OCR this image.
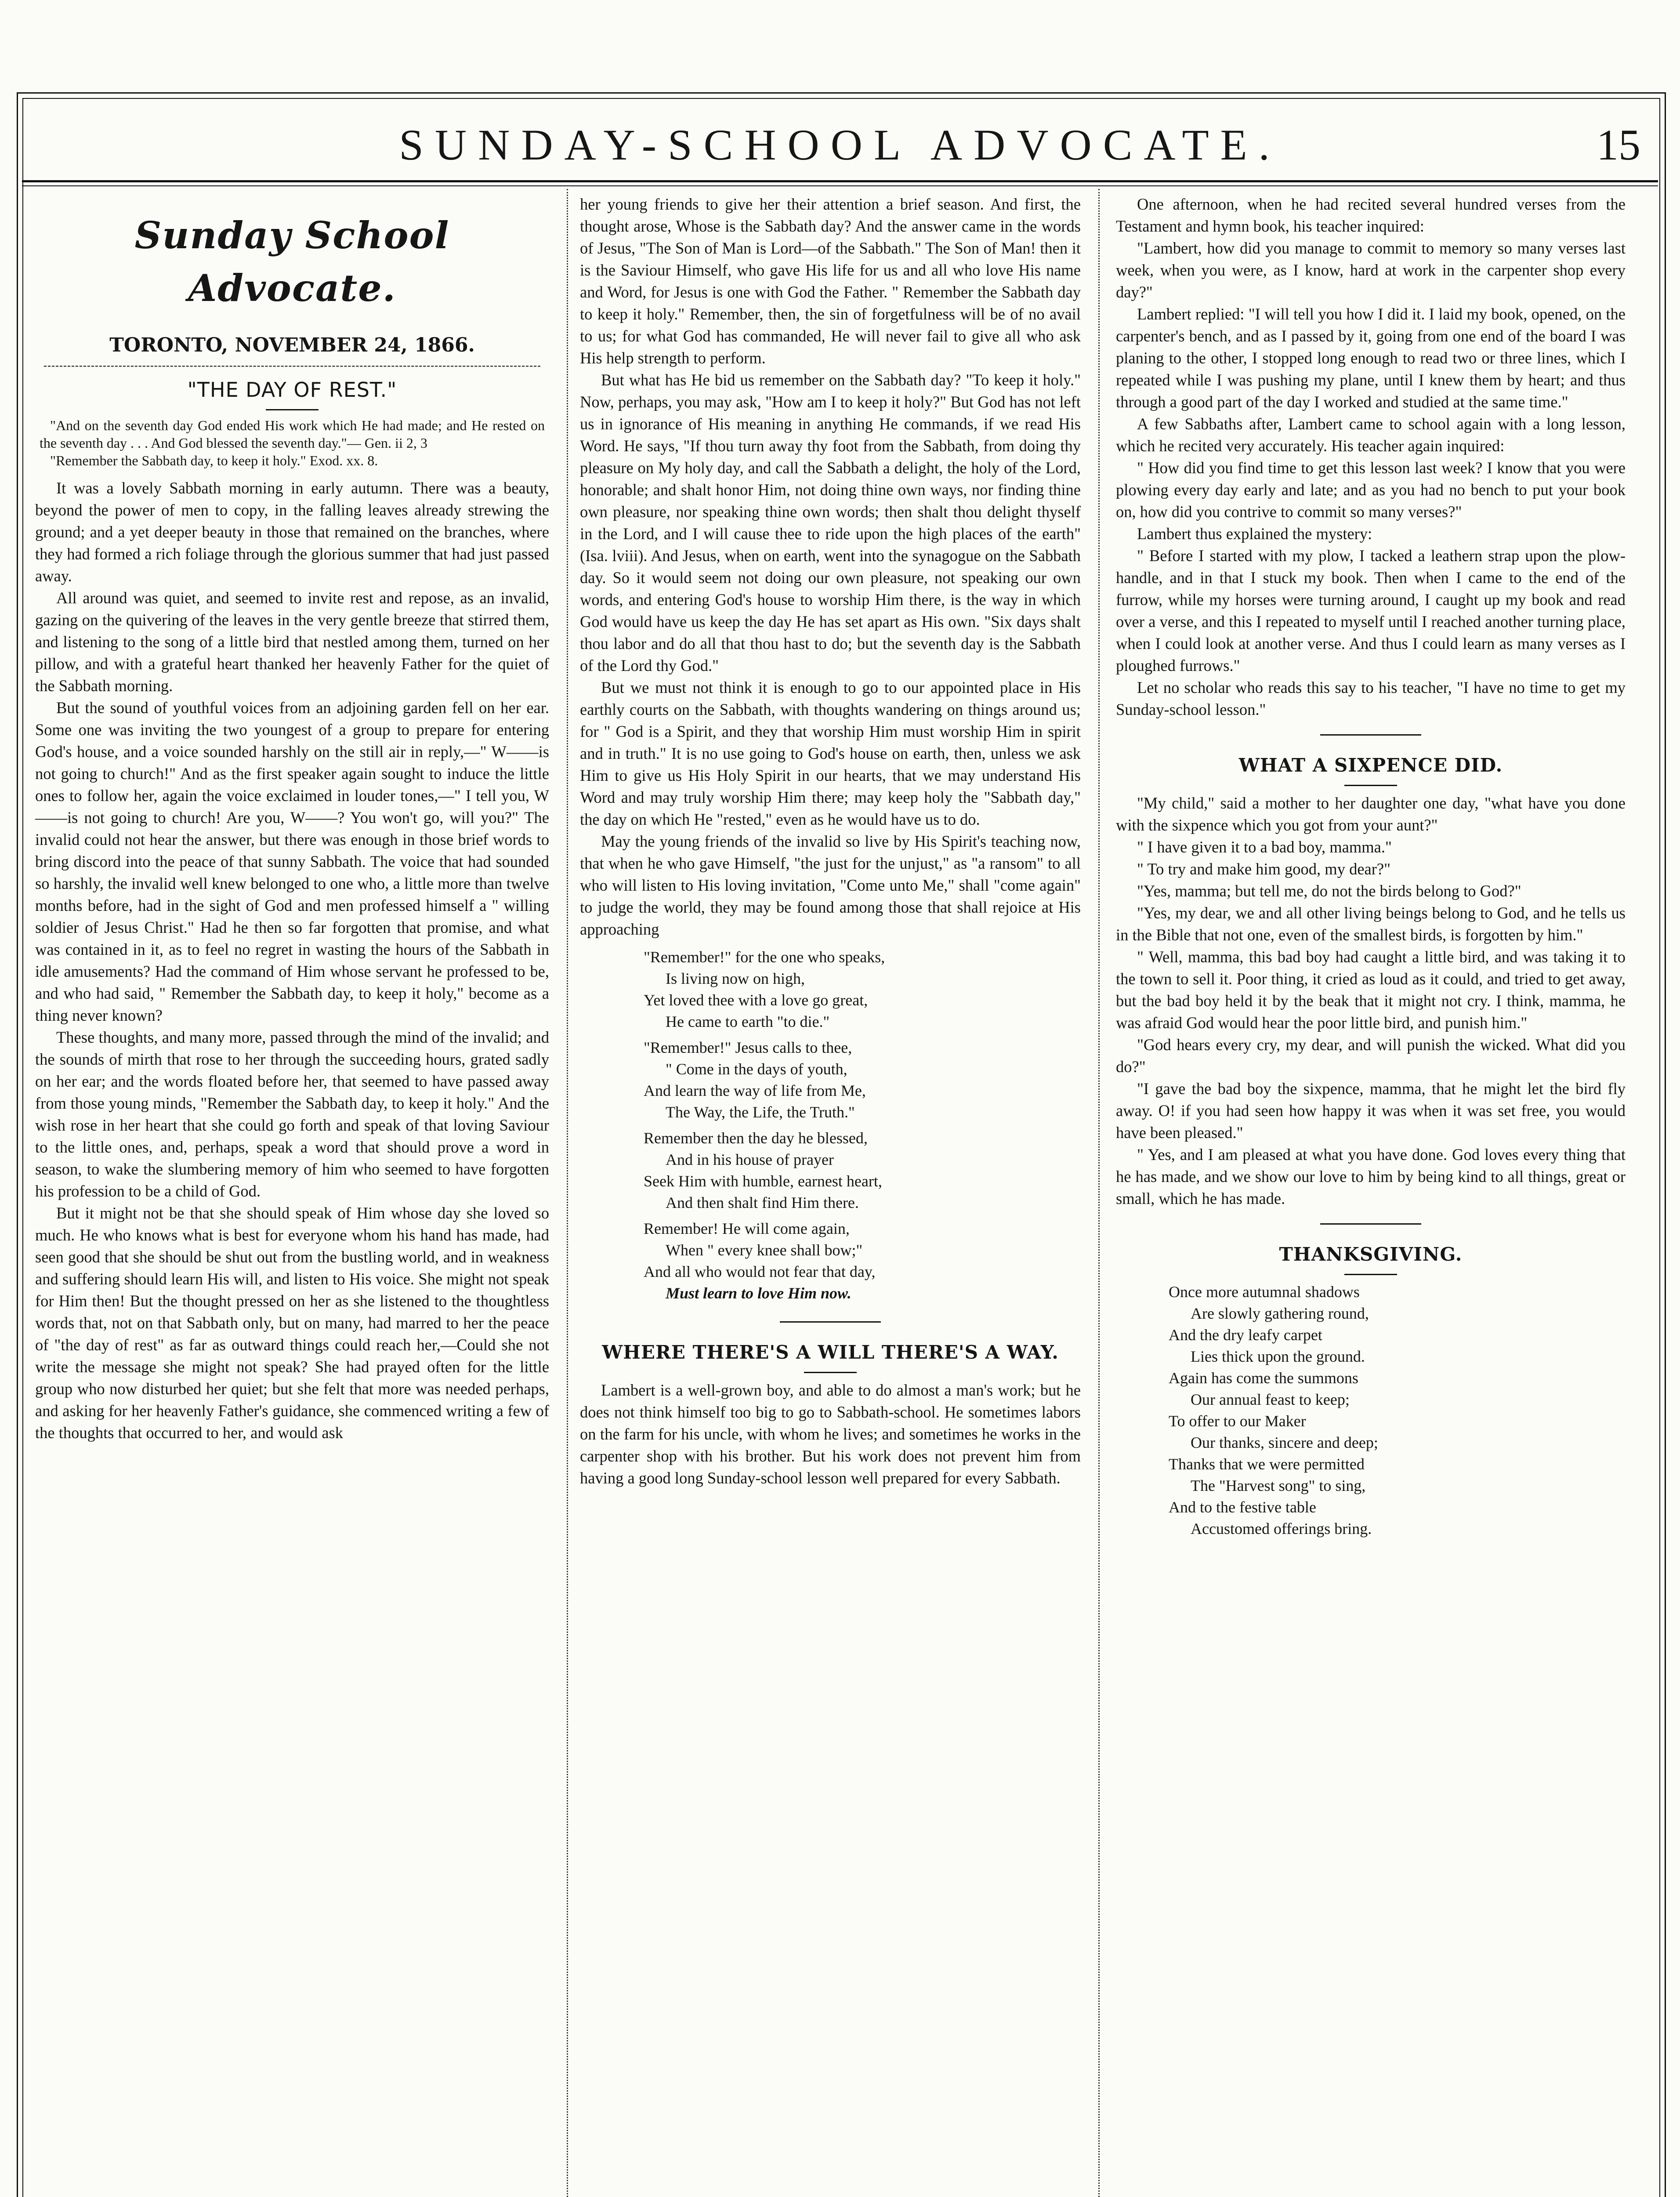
SUNDAY-SCHOOL ADVOCATE.	15
Sunday School Advocate.
TORONTO, NOVEMBER 24, 1866.
"THE DAY OF REST."

"And on the seventh day God ended His work which He had made; and He rested on the seventh day . . . And God blessed the seventh day."— Gen. ii 2, 3

"Remember the Sabbath day, to keep it holy." Exod. xx. 8.

It was a lovely Sabbath morning in early autumn. There was a beauty, beyond the power of men to copy, in the falling leaves already strewing the ground; and a yet deeper beauty in those that remained on the branches, where they had formed a rich foliage through the glorious summer that had just passed away.

All around was quiet, and seemed to invite rest and repose, as an invalid, gazing on the quivering of the leaves in the very gentle breeze that stirred them, and listening to the song of a little bird that nestled among them, turned on her pillow, and with a grateful heart thanked her heavenly Father for the quiet of the Sabbath morning.

But the sound of youthful voices from an adjoining garden fell on her ear. Some one was inviting the two youngest of a group to prepare for entering God's house, and a voice sounded harshly on the still air in reply,—" W——is not going to church!" And as the first speaker again sought to induce the little ones to follow her, again the voice exclaimed in louder tones,—" I tell you, W——is not going to church! Are you, W——? You won't go, will you?" The invalid could not hear the answer, but there was enough in those brief words to bring discord into the peace of that sunny Sabbath. The voice that had sounded so harshly, the invalid well knew belonged to one who, a little more than twelve months before, had in the sight of God and men professed himself a " willing soldier of Jesus Christ." Had he then so far forgotten that promise, and what was contained in it, as to feel no regret in wasting the hours of the Sabbath in idle amusements? Had the command of Him whose servant he professed to be, and who had said, " Remember the Sabbath day, to keep it holy," become as a thing never known?

These thoughts, and many more, passed through the mind of the invalid; and the sounds of mirth that rose to her through the succeeding hours, grated sadly on her ear; and the words floated before her, that seemed to have passed away from those young minds, "Remember the Sabbath day, to keep it holy." And the wish rose in her heart that she could go forth and speak of that loving Saviour to the little ones, and, perhaps, speak a word that should prove a word in season, to wake the slumbering memory of him who seemed to have forgotten his profession to be a child of God.

But it might not be that she should speak of Him whose day she loved so much. He who knows what is best for everyone whom his hand has made, had seen good that she should be shut out from the bustling world, and in weakness and suffering should learn His will, and listen to His voice. She might not speak for Him then! But the thought pressed on her as she listened to the thoughtless words that, not on that Sabbath only, but on many, had marred to her the peace of "the day of rest" as far as outward things could reach her,—Could she not write the message she might not speak? She had prayed often for the little group who now disturbed her quiet; but she felt that more was needed perhaps, and asking for her heavenly Father's guidance, she commenced writing a few of the thoughts that occurred to her, and would ask

her young friends to give her their attention a brief season. And first, the thought arose, Whose is the Sabbath day? And the answer came in the words of Jesus, "The Son of Man is Lord—of the Sabbath." The Son of Man! then it is the Saviour Himself, who gave His life for us and all who love His name and Word, for Jesus is one with God the Father. " Remember the Sabbath day to keep it holy." Remember, then, the sin of forgetfulness will be of no avail to us; for what God has commanded, He will never fail to give all who ask His help strength to perform.

But what has He bid us remember on the Sabbath day? "To keep it holy." Now, perhaps, you may ask, "How am I to keep it holy?" But God has not left us in ignorance of His meaning in anything He commands, if we read His Word. He says, "If thou turn away thy foot from the Sabbath, from doing thy pleasure on My holy day, and call the Sabbath a delight, the holy of the Lord, honorable; and shalt honor Him, not doing thine own ways, nor finding thine own pleasure, nor speaking thine own words; then shalt thou delight thyself in the Lord, and I will cause thee to ride upon the high places of the earth" (Isa. lviii). And Jesus, when on earth, went into the synagogue on the Sabbath day. So it would seem not doing our own pleasure, not speaking our own words, and entering God's house to worship Him there, is the way in which God would have us keep the day He has set apart as His own. "Six days shalt thou labor and do all that thou hast to do; but the seventh day is the Sabbath of the Lord thy God."

But we must not think it is enough to go to our appointed place in His earthly courts on the Sabbath, with thoughts wandering on things around us; for " God is a Spirit, and they that worship Him must worship Him in spirit and in truth." It is no use going to God's house on earth, then, unless we ask Him to give us His Holy Spirit in our hearts, that we may understand His Word and may truly worship Him there; may keep holy the "Sabbath day," the day on which He "rested," even as he would have us to do.

May the young friends of the invalid so live by His Spirit's teaching now, that when he who gave Himself, "the just for the unjust," as "a ransom" to all who will listen to His loving invitation, "Come unto Me," shall "come again" to judge the world, they may be found among those that shall rejoice at His approaching

"Remember!" for the one who speaks,
Is living now on high,
Yet loved thee with a love go great,
He came to earth "to die."
"Remember!" Jesus calls to thee,
" Come in the days of youth,
And learn the way of life from Me,
The Way, the Life, the Truth."
Remember then the day he blessed,
And in his house of prayer
Seek Him with humble, earnest heart,
And then shalt find Him there.
Remember! He will come again,
When " every knee shall bow;"
And all who would not fear that day,
Must learn to love Him now.
WHERE THERE'S A WILL THERE'S A WAY.

Lambert is a well-grown boy, and able to do almost a man's work; but he does not think himself too big to go to Sabbath-school. He sometimes labors on the farm for his uncle, with whom he lives; and sometimes he works in the carpenter shop with his brother. But his work does not prevent him from having a good long Sunday-school lesson well prepared for every Sabbath.

One afternoon, when he had recited several hundred verses from the Testament and hymn book, his teacher inquired:

"Lambert, how did you manage to commit to memory so many verses last week, when you were, as I know, hard at work in the carpenter shop every day?"

Lambert replied: "I will tell you how I did it. I laid my book, opened, on the carpenter's bench, and as I passed by it, going from one end of the board I was planing to the other, I stopped long enough to read two or three lines, which I repeated while I was pushing my plane, until I knew them by heart; and thus through a good part of the day I worked and studied at the same time."

A few Sabbaths after, Lambert came to school again with a long lesson, which he recited very accurately. His teacher again inquired:

" How did you find time to get this lesson last week? I know that you were plowing every day early and late; and as you had no bench to put your book on, how did you contrive to commit so many verses?"

Lambert thus explained the mystery:

" Before I started with my plow, I tacked a leathern strap upon the plow-handle, and in that I stuck my book. Then when I came to the end of the furrow, while my horses were turning around, I caught up my book and read over a verse, and this I repeated to myself until I reached another turning place, when I could look at another verse. And thus I could learn as many verses as I ploughed furrows."

Let no scholar who reads this say to his teacher, "I have no time to get my Sunday-school lesson."

WHAT A SIXPENCE DID.

"My child," said a mother to her daughter one day, "what have you done with the sixpence which you got from your aunt?"

" I have given it to a bad boy, mamma."

" To try and make him good, my dear?"

"Yes, mamma; but tell me, do not the birds belong to God?"

"Yes, my dear, we and all other living beings belong to God, and he tells us in the Bible that not one, even of the smallest birds, is forgotten by him."

" Well, mamma, this bad boy had caught a little bird, and was taking it to the town to sell it. Poor thing, it cried as loud as it could, and tried to get away, but the bad boy held it by the beak that it might not cry. I think, mamma, he was afraid God would hear the poor little bird, and punish him."

"God hears every cry, my dear, and will punish the wicked. What did you do?"

"I gave the bad boy the sixpence, mamma, that he might let the bird fly away. O! if you had seen how happy it was when it was set free, you would have been pleased."

" Yes, and I am pleased at what you have done. God loves every thing that he has made, and we show our love to him by being kind to all things, great or small, which he has made.

THANKSGIVING.
Once more autumnal shadows
Are slowly gathering round,
And the dry leafy carpet
Lies thick upon the ground.
Again has come the summons
Our annual feast to keep;
To offer to our Maker
Our thanks, sincere and deep;
Thanks that we were permitted
The "Harvest song" to sing,
And to the festive table
Accustomed offerings bring.
